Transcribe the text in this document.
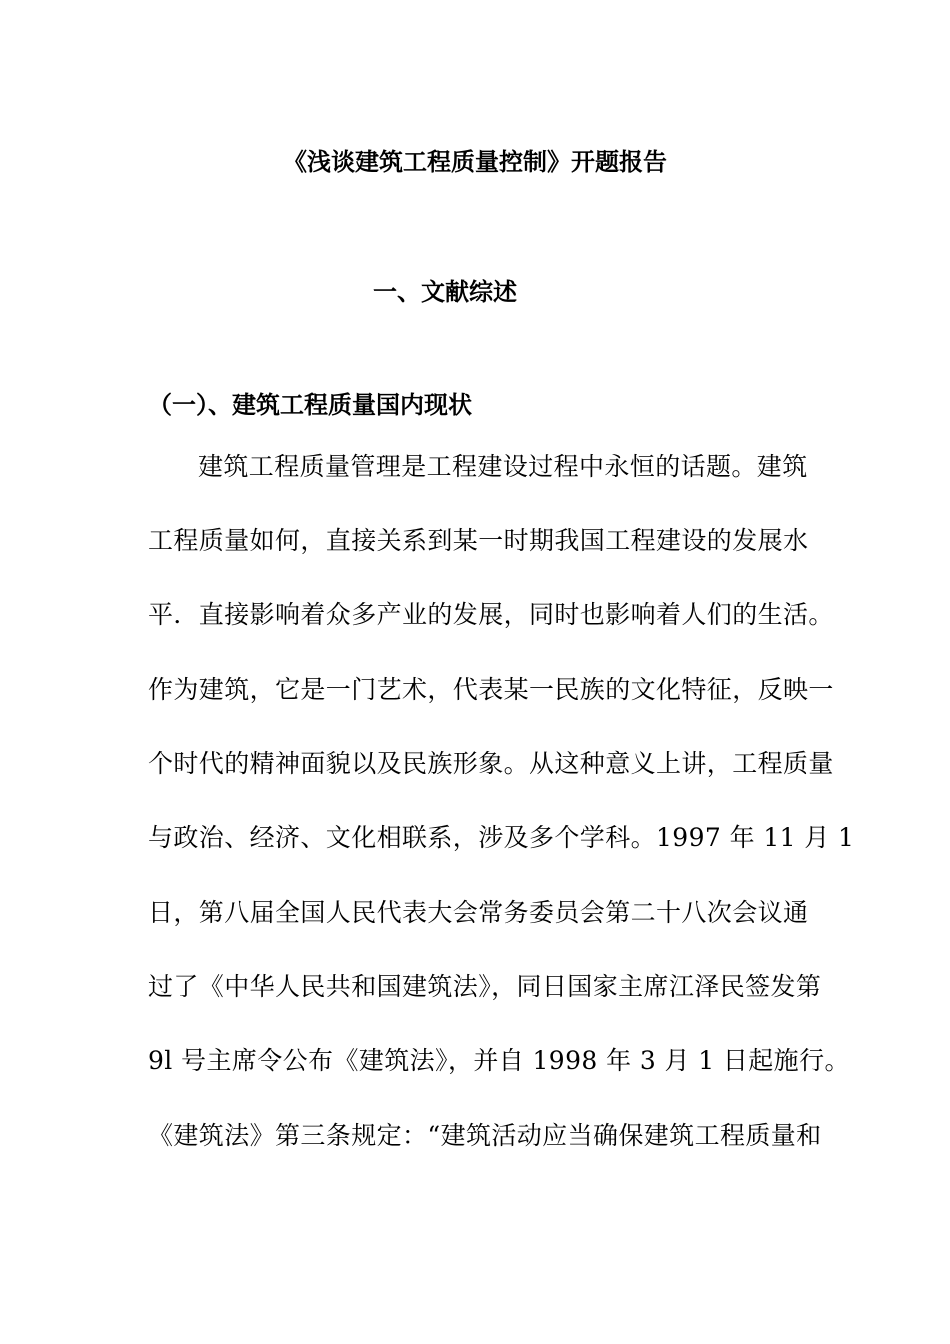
《浅谈建筑工程质量控制》开题报告
一、文献综述
（一）、建筑工程质量国内现状
建筑工程质量管理是工程建设过程中永恒的话题。建筑
工程质量如何，直接关系到某一时期我国工程建设的发展水
平．直接影响着众多产业的发展，同时也影响着人们的生活。
作为建筑，它是一门艺术，代表某一民族的文化特征，反映一
个时代的精神面貌以及民族形象。从这种意义上讲，工程质量
与政治、经济、文化相联系，涉及多个学科。1997 年 11 月 1
日，第八届全国人民代表大会常务委员会第二十八次会议通
过了《中华人民共和国建筑法》，同日国家主席江泽民签发第
9l 号主席令公布《建筑法》，并自 1998 年 3 月 1 日起施行。
《建筑法》第三条规定：“建筑活动应当确保建筑工程质量和
